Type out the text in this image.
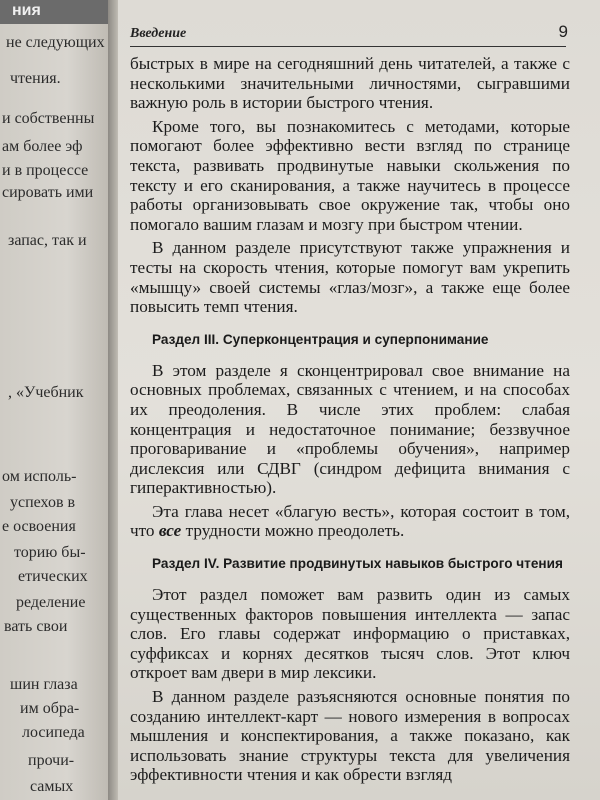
ния
не следующих
чтения.
и собственны
ам более эф
и в процессе
сировать ими
запас, так и
, «Учебник
ом исполь-
успехов в
е освоения
торию бы-
етических
ределение
вать свои
шин глаза
им обра-
лосипеда
прочи-
самых
Введение	9

быстрых в мире на сегодняшний день читателей, а также с несколькими значительными личностями, сыгравшими важную роль в истории быстрого чтения.

Кроме того, вы познакомитесь с методами, которые помогают более эффективно вести взгляд по странице текста, развивать продвинутые навыки скольжения по тексту и его сканирования, а также научитесь в процессе работы организовывать свое окружение так, чтобы оно помогало вашим глазам и мозгу при быстром чтении.

В данном разделе присутствуют также упражнения и тесты на скорость чтения, которые помогут вам укрепить «мышцу» своей системы «глаз/мозг», а также еще более повысить темп чтения.

Раздел III. Суперконцентрация и суперпонимание

В этом разделе я сконцентрировал свое внимание на основных проблемах, связанных с чтением, и на способах их преодоления. В числе этих проблем: слабая концентрация и недостаточное понимание; беззвучное проговаривание и «проблемы обучения», например дислексия или СДВГ (синдром дефицита внимания с гиперактивностью).

Эта глава несет «благую весть», которая состоит в том, что все трудности можно преодолеть.

Раздел IV. Развитие продвинутых навыков быстрого чтения

Этот раздел поможет вам развить один из самых существенных факторов повышения интеллекта — запас слов. Его главы содержат информацию о приставках, суффиксах и корнях десятков тысяч слов. Этот ключ откроет вам двери в мир лексики.

В данном разделе разъясняются основные понятия по созданию интеллект-карт — нового измерения в вопросах мышления и конспектирования, а также показано, как использовать знание структуры текста для увеличения эффективности чтения и как обрести взгляд
